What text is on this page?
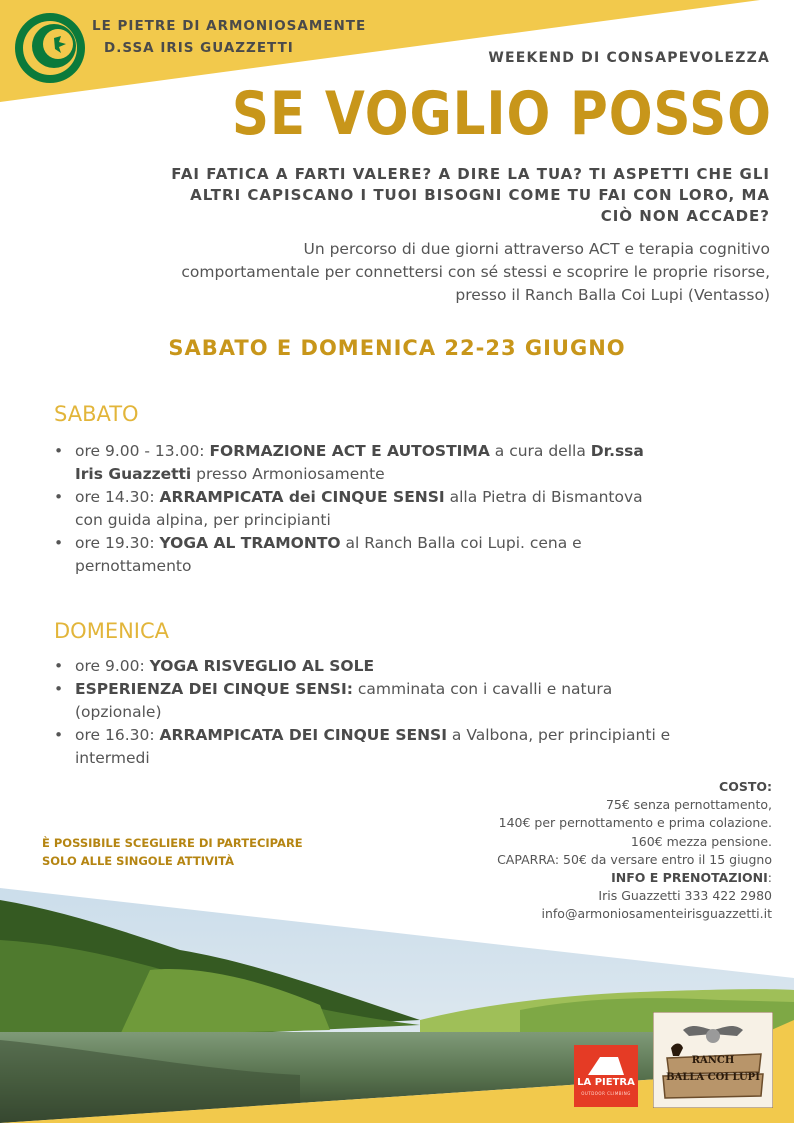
LE PIETRE DI ARMONIOSAMENTE
D.SSA IRIS GUAZZETTI
WEEKEND DI CONSAPEVOLEZZA
SE VOGLIO POSSO
FAI FATICA A FARTI VALERE? A DIRE LA TUA? TI ASPETTI CHE GLI ALTRI CAPISCANO I TUOI BISOGNI COME TU FAI CON LORO, MA CIÒ NON ACCADE?
Un percorso di due giorni attraverso ACT e terapia cognitivo comportamentale per connettersi con sé stessi e scoprire le proprie risorse, presso il Ranch Balla Coi Lupi (Ventasso)
SABATO E DOMENICA 22-23 GIUGNO
SABATO
• ore 9.00 - 13.00: FORMAZIONE ACT E AUTOSTIMA a cura della Dr.ssa Iris Guazzetti presso Armoniosamente
• ore 14.30: ARRAMPICATA dei CINQUE SENSI alla Pietra di Bismantova con guida alpina, per principianti
• ore 19.30: YOGA AL TRAMONTO al Ranch Balla coi Lupi. cena e pernottamento
DOMENICA
• ore 9.00: YOGA RISVEGLIO AL SOLE
• ESPERIENZA DEI CINQUE SENSI: camminata con i cavalli e natura (opzionale)
• ore 16.30: ARRAMPICATA DEI CINQUE SENSI a Valbona, per principianti e intermedi
È POSSIBILE SCEGLIERE DI PARTECIPARE
SOLO ALLE SINGOLE ATTIVITÀ
COSTO:
75€ senza pernottamento,
140€ per pernottamento e prima colazione.
160€ mezza pensione.
CAPARRA: 50€ da versare entro il 15 giugno
INFO E PRENOTAZIONI:
Iris Guazzetti 333 422 2980
info@armoniosamenteirisguazzetti.it
LA PIETRA
OUTDOOR CLIMBING
RANCH
BALLA COI LUPI
